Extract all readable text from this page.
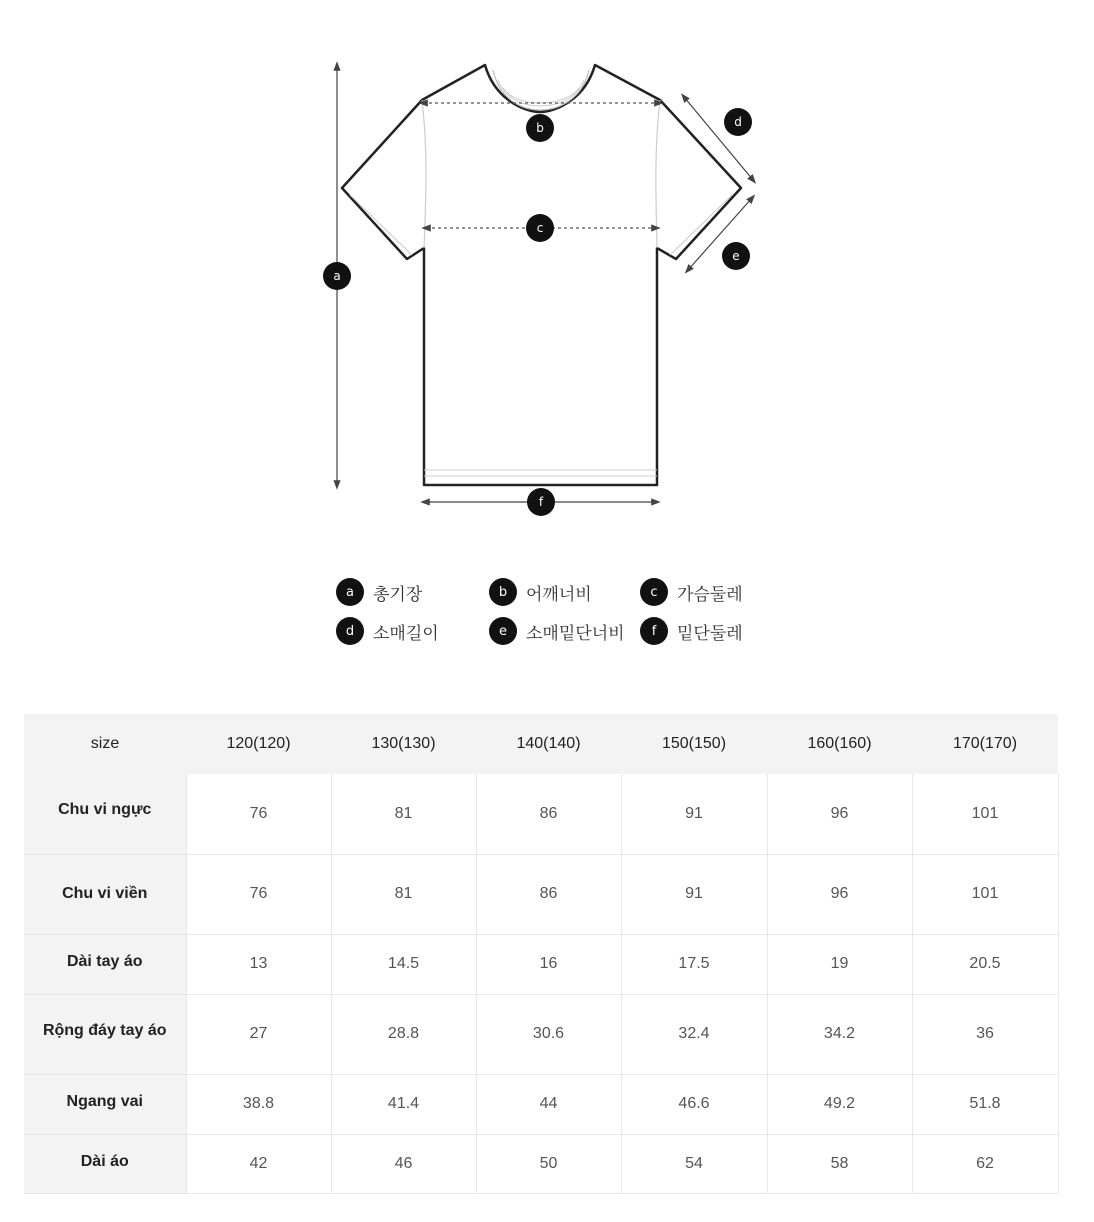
a
b
c
d
e
f
a	총기장	b	어깨너비	c	가슴둘레
d	소매길이	e	소매밑단너비	f	밑단둘레
size	120(120)	130(130)	140(140)	150(150)	160(160)	170(170)
Chu vi ngực	76	81	86	91	96	101
Chu vi viền	76	81	86	91	96	101
Dài tay áo	13	14.5	16	17.5	19	20.5
Rộng đáy tay áo	27	28.8	30.6	32.4	34.2	36
Ngang vai	38.8	41.4	44	46.6	49.2	51.8
Dài áo	42	46	50	54	58	62
